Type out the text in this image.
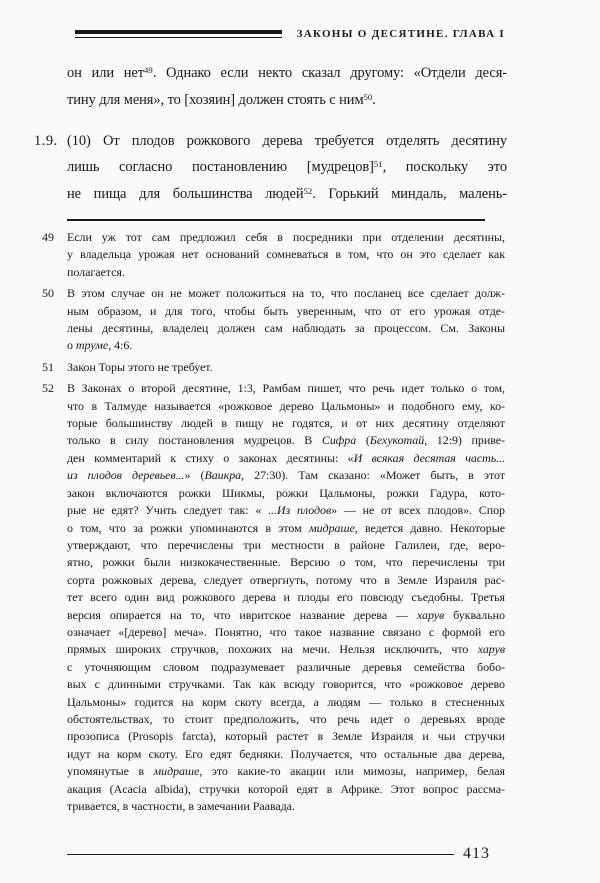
ЗАКОНЫ О ДЕСЯТИНЕ. ГЛАВА I
он или нет$^{49}$. Однако если некто сказал другому: «Отдели деся-
тину для меня», то [хозяин] должен стоять с ним$^{50}$.
1.9. (10) От плодов рожкового дерева требуется отделять десятину
лишь согласно постановлению [мудрецов]$^{51}$, поскольку это
не пища для большинства людей$^{52}$. Горький миндаль, малень-
49	Если уж тот сам предложил себя в посредники при отделении десятины,
у владельца урожая нет оснований сомневаться в том, что он это сделает как
полагается.
50	В этом случае он не может положиться на то, что посланец все сделает долж-
ным образом, и для того, чтобы быть уверенным, что от его урожая отде-
лены десятины, владелец должен сам наблюдать за процессом. См. Законы
о труме, 4:6.
51	Закон Торы этого не требует.
52	В Законах о второй десятине, 1:3, Рамбам пишет, что речь идет только о том,
что в Талмуде называется «рожковое дерево Цальмоны» и подобного ему, ко-
торые большинству людей в пищу не годятся, и от них десятину отделяют
только в силу постановления мудрецов. В Сифра (Бехукотай, 12:9) приве-
ден комментарий к стиху о законах десятины: «И всякая десятая часть...
из плодов деревьев...» (Ваикра, 27:30). Там сказано: «Может быть, в этот
закон включаются рожки Шикмы, рожки Цальмоны, рожки Гадура, кото-
рые не едят? Учить следует так: « ...Из плодов» — не от всех плодов». Спор
о том, что за рожки упоминаются в этом мидраше, ведется давно. Некоторые
утверждают, что перечислены три местности в районе Галилеи, где, веро-
ятно, рожки были низкокачественные. Версию о том, что перечислены три
сорта рожковых дерева, следует отвергнуть, потому что в Земле Израиля рас-
тет всего один вид рожкового дерева и плоды его повсюду съедобны. Третья
версия опирается на то, что ивритское название дерева — харув буквально
означает «[дерево] меча». Понятно, что такое название связано с формой его
прямых широких стручков, похожих на мечи. Нельзя исключить, что харув
с уточняющим словом подразумевает различные деревья семейства бобо-
вых с длинными стручками. Так как всюду говорится, что «рожковое дерево
Цальмоны» годится на корм скоту всегда, а людям — только в стесненных
обстоятельствах, то стоит предположить, что речь идет о деревьях вроде
прозописа (Prosopis farcta), который растет в Земле Израиля и чьи стручки
идут на корм скоту. Его едят бедняки. Получается, что остальные два дерева,
упомянутые в мидраше, это какие-то акации или мимозы, например, белая
акация (Acacia albida), стручки которой едят в Африке. Этот вопрос рассма-
тривается, в частности, в замечании Раавада.
413
